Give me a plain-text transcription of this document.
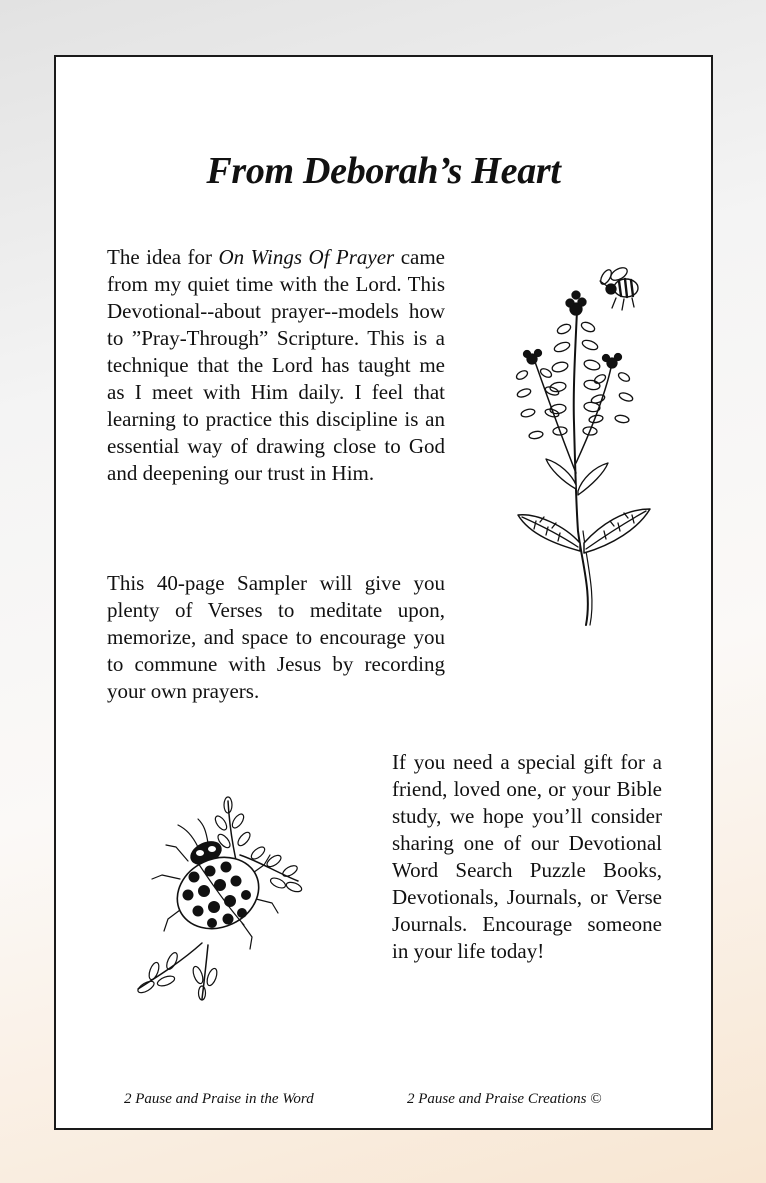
From Deborah’s Heart

The idea for On Wings Of Prayer came from my quiet time with the Lord. This Devotional--about prayer--models how to ”Pray-Through” Scripture. This is a technique that the Lord has taught me as I meet with Him daily. I feel that learning to practice this discipline is an essential way of drawing close to God and deepening our trust in Him.

This 40-page Sampler will give you plenty of Verses to meditate upon, memorize, and space to encourage you to commune with Jesus by recording your own prayers.

If you need a special gift for a friend, loved one, or your Bible study, we hope you’ll consider sharing one of our Devotional Word Search Puzzle Books, Devotionals, Journals, or Verse Journals. Encourage someone in your life today!

2 Pause and Praise in the Word	2 Pause and Praise Creations ©
